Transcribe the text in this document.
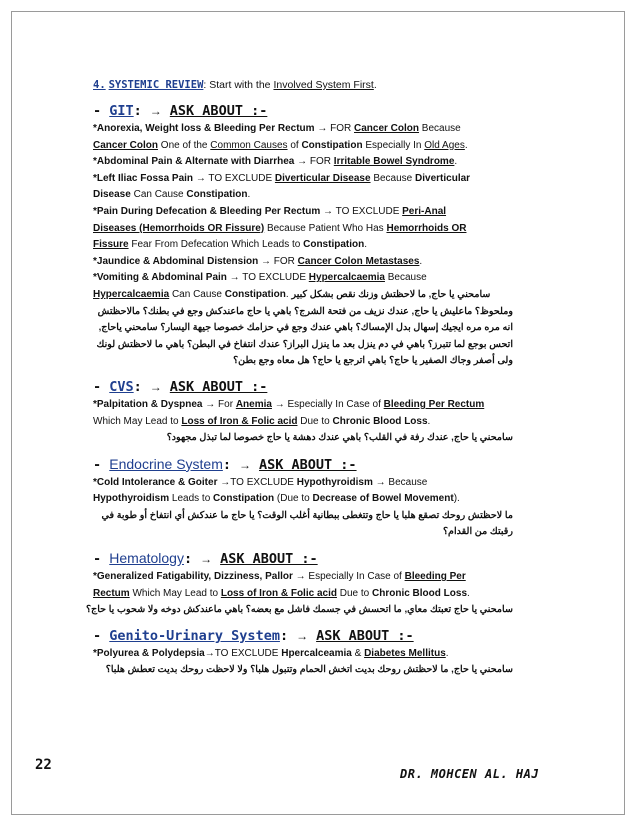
4. SYSTEMIC REVIEW: Start with the Involved System First.
- GIT: → ASK ABOUT :-
*Anorexia, Weight loss & Bleeding Per Rectum → FOR Cancer Colon Because
Cancer Colon One of the Common Causes of Constipation Especially In Old Ages.
*Abdominal Pain & Alternate with Diarrhea → FOR Irritable Bowel Syndrome.
*Left Iliac Fossa Pain → TO EXCLUDE Diverticular Disease Because Diverticular
Disease Can Cause Constipation.
*Pain During Defecation & Bleeding Per Rectum → TO EXCLUDE Peri-Anal
Diseases (Hemorrhoids OR Fissure) Because Patient Who Has Hemorrhoids OR
Fissure Fear From Defecation Which Leads to Constipation.
*Jaundice & Abdominal Distension → FOR Cancer Colon Metastases.
*Vomiting & Abdominal Pain → TO EXCLUDE Hypercalcaemia Because
Hypercalcaemia Can Cause Constipation. سامحني يا حاج, ما لاحظتش وزنك نقص بشكل كبير
وملحوظ؟ ماعليش يا حاج, عندك نزيف من فتحة الشرج؟ باهي يا حاج ماعندكش وجع في بطنك؟ مالاحظتش
انه مره مره ايجيك إسهال بدل الإمساك؟ باهي عندك وجع في حزامك خصوصا جيهة اليسار؟ سامحني ياحاج,
اتحس بوجع لما تتبرز؟ باهي في دم ينزل بعد ما ينزل البراز؟ عندك انتفاخ في البطن؟ باهي ما لاحظتش لونك
ولى أصفر وجاك الصفير يا حاج؟ باهي اترجع يا حاج؟ هل معاه وجع بطن؟
- CVS: → ASK ABOUT :-
*Palpitation & Dyspnea → For Anemia → Especially In Case of Bleeding Per Rectum
Which May Lead to Loss of Iron & Folic acid Due to Chronic Blood Loss.
سامحني يا حاج, عندك رفة في القلب؟ باهي عندك دهشة يا حاج خصوصا لما تبذل مجهود؟
- Endocrine System: → ASK ABOUT :-
*Cold Intolerance & Goiter →TO EXCLUDE Hypothyroidism → Because
Hypothyroidism Leads to Constipation (Due to Decrease of Bowel Movement).
ما لاحظتش روحك تصقع هلبا يا حاج وتتغطى ببطانية أغلب الوقت؟ يا حاج ما عندكش أي انتفاخ أو طوبة في
رقبتك من القدام؟
- Hematology: → ASK ABOUT :-
*Generalized Fatigability, Dizziness, Pallor → Especially In Case of Bleeding Per
Rectum Which May Lead to Loss of Iron & Folic acid Due to Chronic Blood Loss.
سامحني يا حاج تعبتك معاي, ما اتحسش في جسمك فاشل مع بعضه؟ باهي ماعندكش دوخه ولا شحوب يا حاج؟
- Genito-Urinary System: → ASK ABOUT :-
*Polyurea & Polydepsia→TO EXCLUDE Hpercalceamia & Diabetes Mellitus.
سامحني يا حاج, ما لاحظتش روحك بديت اتخش الحمام وتتبول هلبا؟ ولا لاحظت روحك بديت تعطش هلبا؟
22
DR. MOHCEN AL. HAJ
